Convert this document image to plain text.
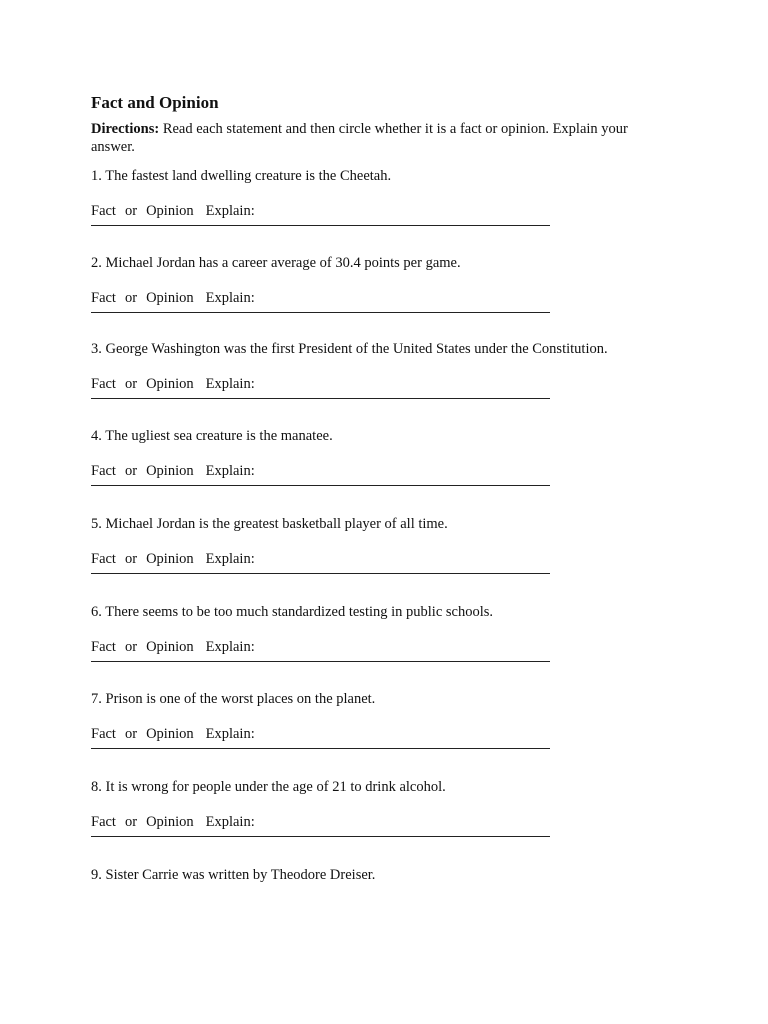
Fact and Opinion

Directions: Read each statement and then circle whether it is a fact or opinion. Explain your answer.

1. The fastest land dwelling creature is the Cheetah.

Fact or Opinion Explain:

2. Michael Jordan has a career average of 30.4 points per game.

Fact or Opinion Explain:

3. George Washington was the first President of the United States under the Constitution.

Fact or Opinion Explain:

4. The ugliest sea creature is the manatee.

Fact or Opinion Explain:

5. Michael Jordan is the greatest basketball player of all time.

Fact or Opinion Explain:

6. There seems to be too much standardized testing in public schools.

Fact or Opinion Explain:

7. Prison is one of the worst places on the planet.

Fact or Opinion Explain:

8. It is wrong for people under the age of 21 to drink alcohol.

Fact or Opinion Explain:

9. Sister Carrie was written by Theodore Dreiser.
